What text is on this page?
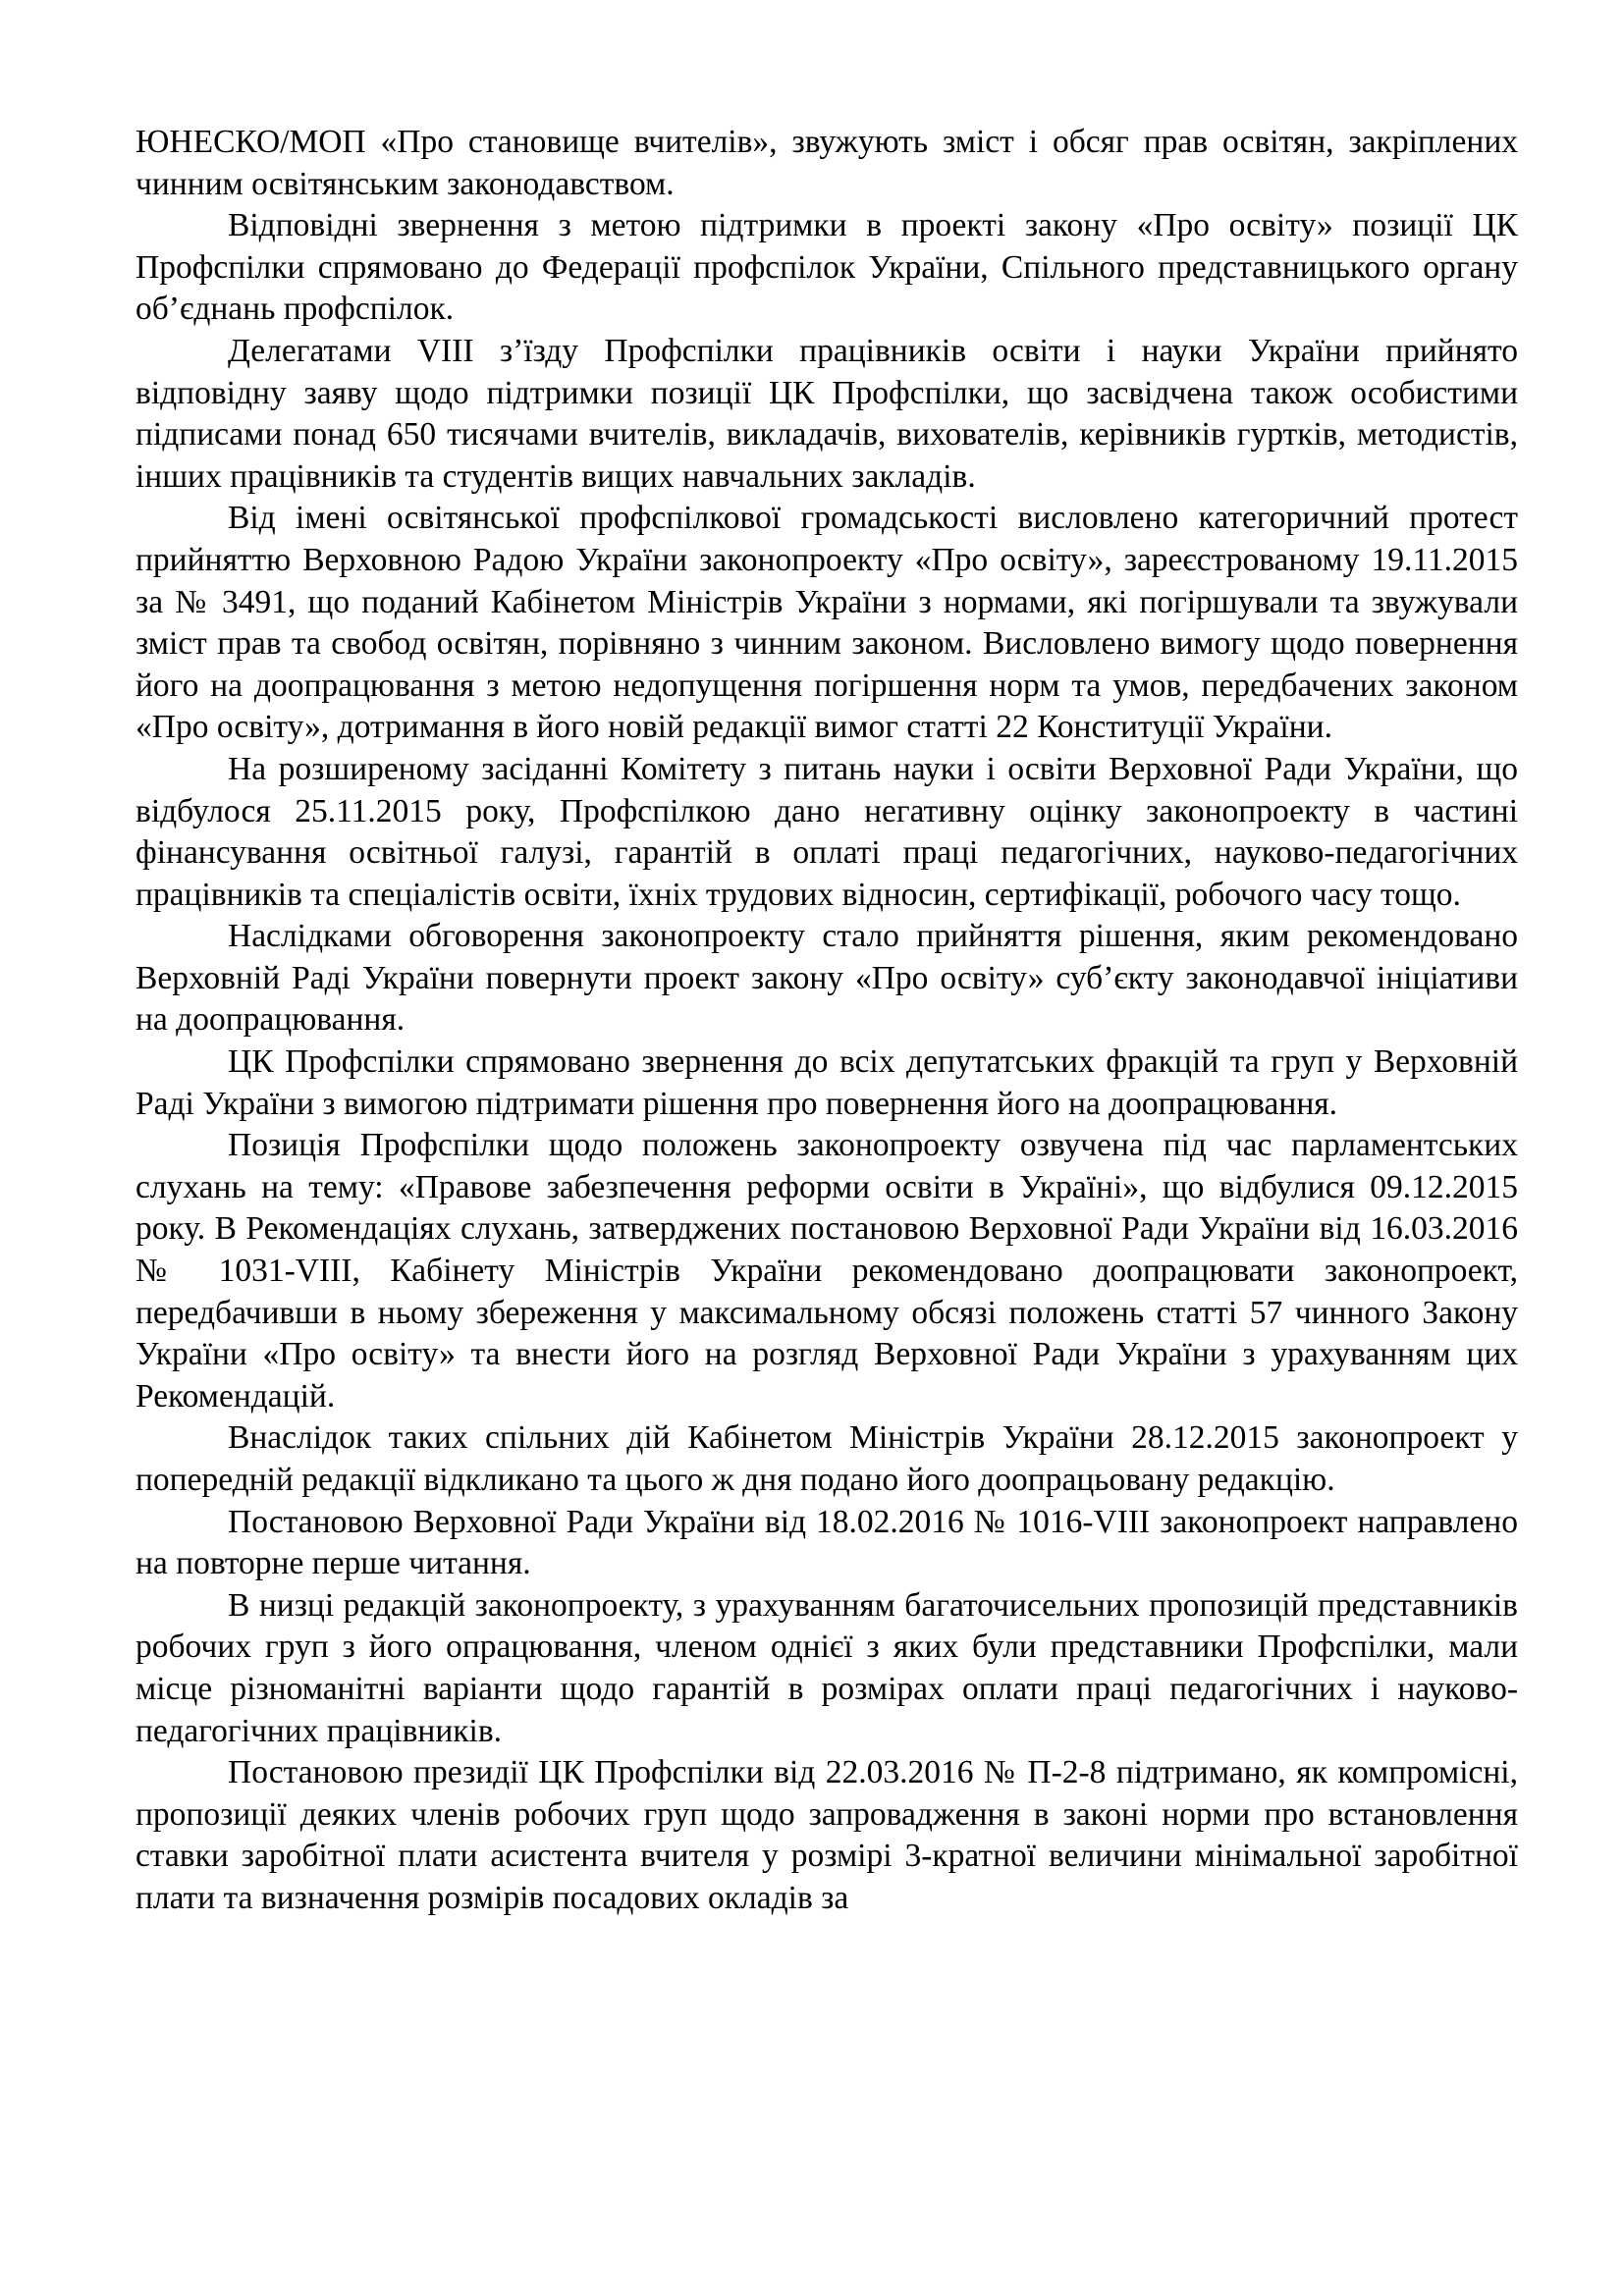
ЮНЕСКО/МОП «Про становище вчителів», звужують зміст і обсяг прав освітян, закріплених чинним освітянським законодавством.

Відповідні звернення з метою підтримки в проекті закону «Про освіту» позиції ЦК Профспілки спрямовано до Федерації профспілок України, Спільного представницького органу об’єднань профспілок.

Делегатами VIII з’їзду Профспілки працівників освіти і науки України прийнято відповідну заяву щодо підтримки позиції ЦК Профспілки, що засвідчена також особистими підписами понад 650 тисячами вчителів, викладачів, вихователів, керівників гуртків, методистів, інших працівників та студентів вищих навчальних закладів.

Від імені освітянської профспілкової громадськості висловлено категоричний протест прийняттю Верховною Радою України законопроекту «Про освіту», зареєстрованому 19.11.2015 за № 3491, що поданий Кабінетом Міністрів України з нормами, які погіршували та звужували зміст прав та свобод освітян, порівняно з чинним законом. Висловлено вимогу щодо повернення його на доопрацювання з метою недопущення погіршення норм та умов, передбачених законом «Про освіту», дотримання в його новій редакції вимог статті 22 Конституції України.

На розширеному засіданні Комітету з питань науки і освіти Верховної Ради України, що відбулося 25.11.2015 року, Профспілкою дано негативну оцінку законопроекту в частині фінансування освітньої галузі, гарантій в оплаті праці педагогічних, науково-педагогічних працівників та спеціалістів освіти, їхніх трудових відносин, сертифікації, робочого часу тощо.

Наслідками обговорення законопроекту стало прийняття рішення, яким рекомендовано Верховній Раді України повернути проект закону «Про освіту» суб’єкту законодавчої ініціативи на доопрацювання.

ЦК Профспілки спрямовано звернення до всіх депутатських фракцій та груп у Верховній Раді України з вимогою підтримати рішення про повернення його на доопрацювання.

Позиція Профспілки щодо положень законопроекту озвучена під час парламентських слухань на тему: «Правове забезпечення реформи освіти в Україні», що відбулися 09.12.2015 року. В Рекомендаціях слухань, затверджених постановою Верховної Ради України від 16.03.2016 № 1031-VIII, Кабінету Міністрів України рекомендовано доопрацювати законопроект, передбачивши в ньому збереження у максимальному обсязі положень статті 57 чинного Закону України «Про освіту» та внести його на розгляд Верховної Ради України з урахуванням цих Рекомендацій.

Внаслідок таких спільних дій Кабінетом Міністрів України 28.12.2015 законопроект у попередній редакції відкликано та цього ж дня подано його доопрацьовану редакцію.

Постановою Верховної Ради України від 18.02.2016 № 1016-VIII законопроект направлено на повторне перше читання.

В низці редакцій законопроекту, з урахуванням багаточисельних пропозицій представників робочих груп з його опрацювання, членом однієї з яких були представники Профспілки, мали місце різноманітні варіанти щодо гарантій в розмірах оплати праці педагогічних і науково-педагогічних працівників.

Постановою президії ЦК Профспілки від 22.03.2016 № П-2-8 підтримано, як компромісні, пропозиції деяких членів робочих груп щодо запровадження в законі норми про встановлення ставки заробітної плати асистента вчителя у розмірі 3-кратної величини мінімальної заробітної плати та визначення розмірів посадових окладів за
